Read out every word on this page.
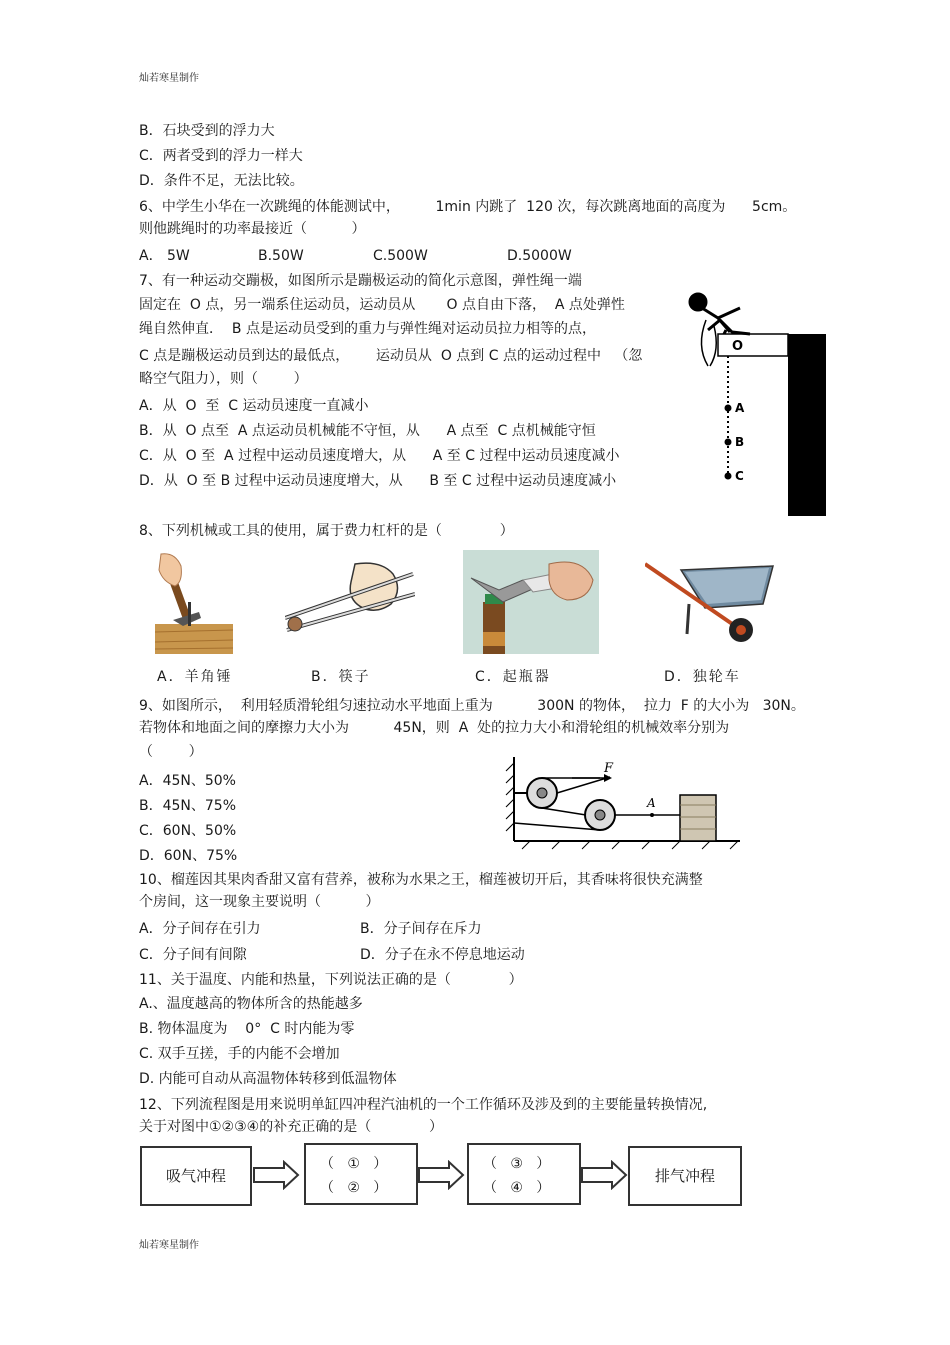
灿若寒星制作
B．石块受到的浮力大
C．两者受到的浮力一样大
D．条件不足，无法比较。
6、中学生小华在一次跳绳的体能测试中，        1min 内跳了  120 次，每次跳离地面的高度为      5cm。
则他跳绳时的功率最接近（          ）
A． 5W	B.50W	C.500W	D.5000W
7、有一种运动交蹦极，如图所示是蹦极运动的简化示意图，弹性绳一端
固定在  O 点，另一端系住运动员，运动员从       O 点自由下落，  A 点处弹性
绳自然伸直．  B 点是运动员受到的重力与弹性绳对运动员拉力相等的点，
C 点是蹦极运动员到达的最低点，      运动员从  O 点到 C 点的运动过程中   （忽
略空气阻力），则（        ）
A．从  O  至  C 运动员速度一直减小
B．从  O 点至  A 点运动员机械能不守恒，从      A 点至  C 点机械能守恒
C．从  O 至  A 过程中运动员速度增大，从      A 至 C 过程中运动员速度减小
D．从  O 至 B 过程中运动员速度增大，从      B 至 C 过程中运动员速度减小
O
A
B
C
8、下列机械或工具的使用，属于费力杠杆的是（             ）
A．羊角锤	B．筷子	C．起瓶器	D．独轮车
9、如图所示，  利用轻质滑轮组匀速拉动水平地面上重为          300N 的物体，  拉力  F 的大小为   30N。
若物体和地面之间的摩擦力大小为          45N，则  A  处的拉力大小和滑轮组的机械效率分别为
（        ）
A．45N、50%
B．45N、75%
C．60N、50%
D．60N、75%
F
A
10、榴莲因其果肉香甜又富有营养，被称为水果之王，榴莲被切开后，其香味将很快充满整
个房间，这一现象主要说明（          ）
A．分子间存在引力	B．分子间存在斥力
C．分子间有间隙	D．分子在永不停息地运动
11、关于温度、内能和热量，下列说法正确的是（             ）
A.、温度越高的物体所含的热能越多
B. 物体温度为    0°  C 时内能为零
C. 双手互搓，手的内能不会增加
D. 内能可自动从高温物体转移到低温物体
12、下列流程图是用来说明单缸四冲程汽油机的一个工作循环及涉及到的主要能量转换情况,
关于对图中①②③④的补充正确的是（             ）
吸气冲程
（   ①   ）
（   ②   ）
（   ③   ）
（   ④   ）
排气冲程
灿若寒星制作
